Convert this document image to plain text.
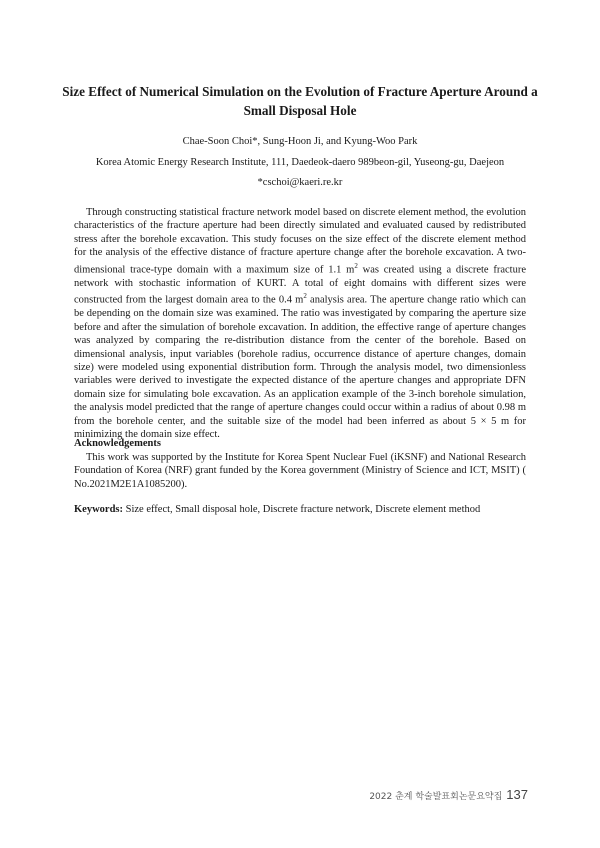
Size Effect of Numerical Simulation on the Evolution of Fracture Aperture Around a Small Disposal Hole
Chae-Soon Choi*, Sung-Hoon Ji, and Kyung-Woo Park
Korea Atomic Energy Research Institute, 111, Daedeok-daero 989beon-gil, Yuseong-gu, Daejeon
*cschoi@kaeri.re.kr

Through constructing statistical fracture network model based on discrete element method, the evolution characteristics of the fracture aperture had been directly simulated and evaluated caused by redistributed stress after the borehole excavation. This study focuses on the size effect of the discrete element method for the analysis of the effective distance of fracture aperture change after the borehole excavation. A two-dimensional trace-type domain with a maximum size of 1.1 $m^2$ was created using a discrete fracture network with stochastic information of KURT. A total of eight domains with different sizes were constructed from the largest domain area to the 0.4 $m^2$ analysis area. The aperture change ratio which can be depending on the domain size was examined. The ratio was investigated by comparing the aperture size before and after the simulation of borehole excavation. In addition, the effective range of aperture changes was analyzed by comparing the re-distribution distance from the center of the borehole. Based on dimensional analysis, input variables (borehole radius, occurrence distance of aperture changes, domain size) were modeled using exponential distribution form. Through the analysis model, two dimensionless variables were derived to investigate the expected distance of the aperture changes and appropriate DFN domain size for simulating bole excavation. As an application example of the 3-inch borehole simulation, the analysis model predicted that the range of aperture changes could occur within a radius of about 0.98 m from the borehole center, and the suitable size of the model had been inferred as about 5 × 5 m for minimizing the domain size effect.

Acknowledgements

This work was supported by the Institute for Korea Spent Nuclear Fuel (iKSNF) and National Research Foundation of Korea (NRF) grant funded by the Korea government (Ministry of Science and ICT, MSIT) ( No.2021M2E1A1085200).

Keywords: Size effect, Small disposal hole, Discrete fracture network, Discrete element method
2022 춘계 학술발표회논문요약집 137
